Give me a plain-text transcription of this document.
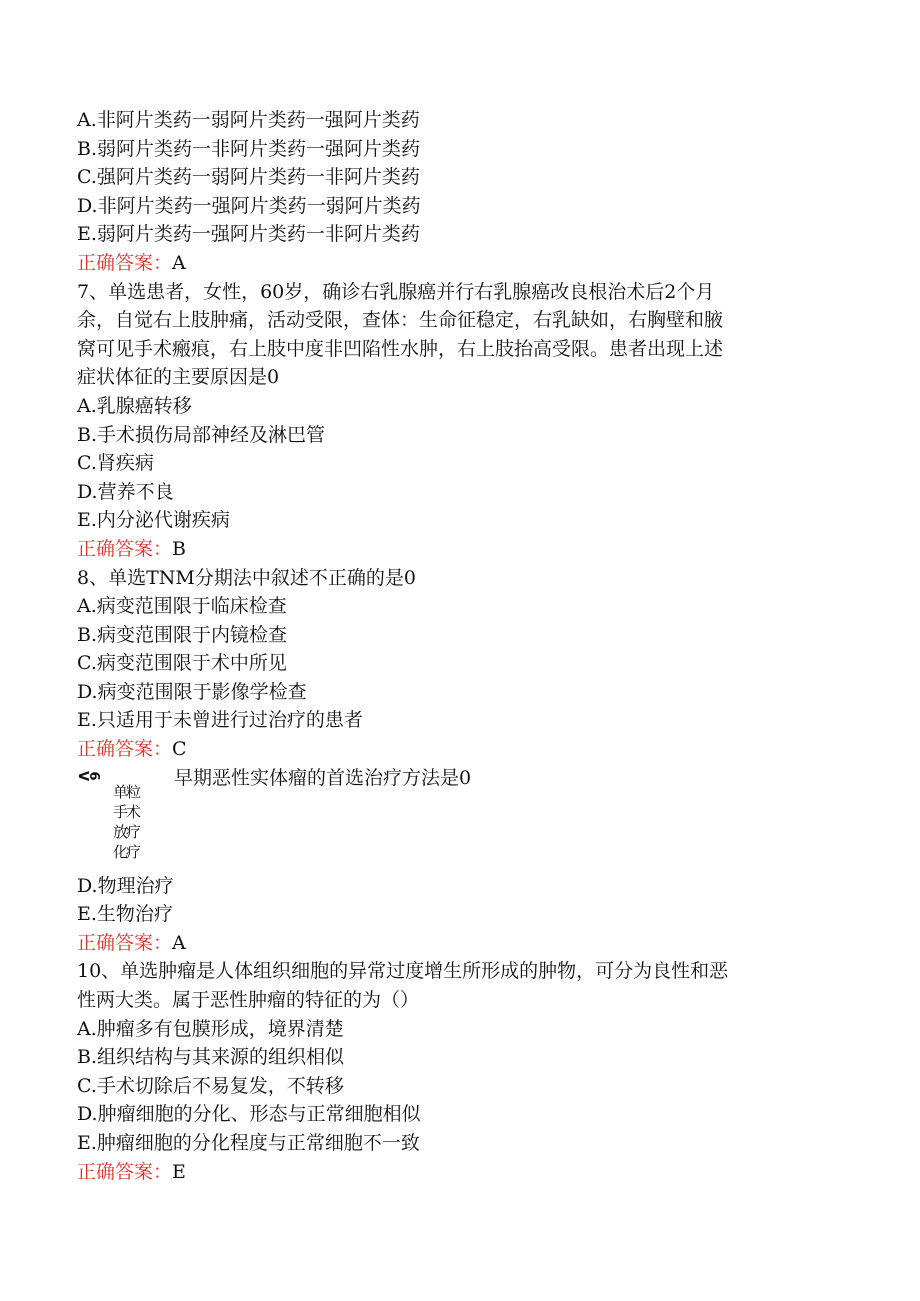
A.非阿片类药一弱阿片类药一强阿片类药
B.弱阿片类药一非阿片类药一强阿片类药
C.强阿片类药一弱阿片类药一非阿片类药
D.非阿片类药一强阿片类药一弱阿片类药
E.弱阿片类药一强阿片类药一非阿片类药
正确答案：A
7、单选患者，女性，60岁，确诊右乳腺癌并行右乳腺癌改良根治术后2个月
余，自觉右上肢肿痛，活动受限，查体：生命征稳定，右乳缺如，右胸壁和腋
窝可见手术瘢痕，右上肢中度非凹陷性水肿，右上肢抬高受限。患者出现上述
症状体征的主要原因是0
A.乳腺癌转移
B.手术损伤局部神经及淋巴管
C.肾疾病
D.营养不良
E.内分泌代谢疾病
正确答案：B
8、单选TNM分期法中叙述不正确的是0
A.病变范围限于临床检查
B.病变范围限于内镜检查
C.病变范围限于术中所见
D.病变范围限于影像学检查
E.只适用于未曾进行过治疗的患者
正确答案：C
6 V	早期恶性实体瘤的首选治疗方法是0
单粒
手术
放疗
化疗
D.物理治疗
E.生物治疗
正确答案：A
10、单选肿瘤是人体组织细胞的异常过度增生所形成的肿物，可分为良性和恶
性两大类。属于恶性肿瘤的特征的为（）
A.肿瘤多有包膜形成，境界清楚
B.组织结构与其来源的组织相似
C.手术切除后不易复发，不转移
D.肿瘤细胞的分化、形态与正常细胞相似
E.肿瘤细胞的分化程度与正常细胞不一致
正确答案：E
